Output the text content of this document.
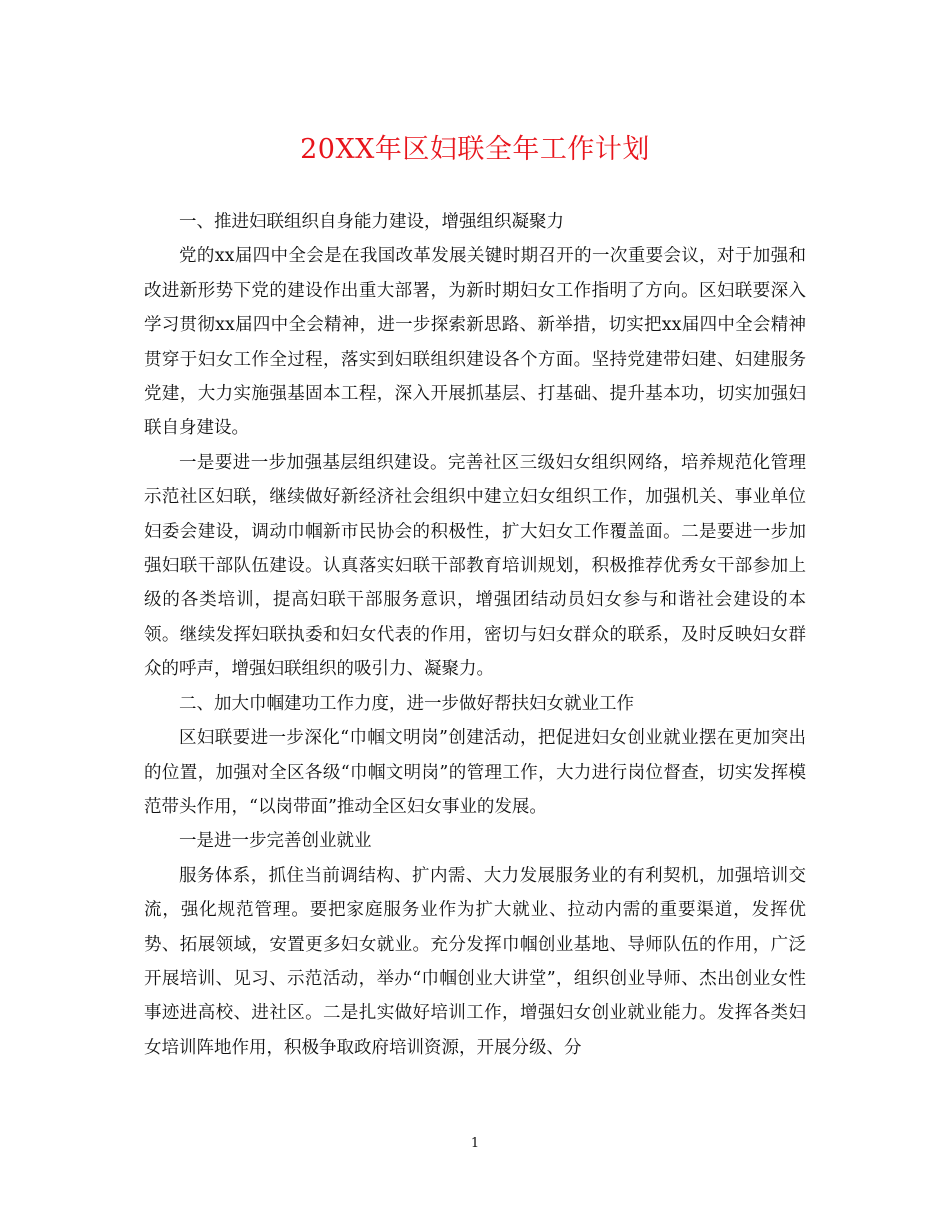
20XX年区妇联全年工作计划

一、推进妇联组织自身能力建设，增强组织凝聚力

党的xx届四中全会是在我国改革发展关键时期召开的一次重要会议，对于加强和改进新形势下党的建设作出重大部署，为新时期妇女工作指明了方向。区妇联要深入学习贯彻xx届四中全会精神，进一步探索新思路、新举措，切实把xx届四中全会精神贯穿于妇女工作全过程，落实到妇联组织建设各个方面。坚持党建带妇建、妇建服务党建，大力实施强基固本工程，深入开展抓基层、打基础、提升基本功，切实加强妇联自身建设。

一是要进一步加强基层组织建设。完善社区三级妇女组织网络，培养规范化管理示范社区妇联，继续做好新经济社会组织中建立妇女组织工作，加强机关、事业单位妇委会建设，调动巾帼新市民协会的积极性，扩大妇女工作覆盖面。二是要进一步加强妇联干部队伍建设。认真落实妇联干部教育培训规划，积极推荐优秀女干部参加上级的各类培训，提高妇联干部服务意识，增强团结动员妇女参与和谐社会建设的本领。继续发挥妇联执委和妇女代表的作用，密切与妇女群众的联系，及时反映妇女群众的呼声，增强妇联组织的吸引力、凝聚力。

二、加大巾帼建功工作力度，进一步做好帮扶妇女就业工作

区妇联要进一步深化“巾帼文明岗”创建活动，把促进妇女创业就业摆在更加突出的位置，加强对全区各级“巾帼文明岗”的管理工作，大力进行岗位督查，切实发挥模范带头作用，“以岗带面”推动全区妇女事业的发展。

一是进一步完善创业就业

服务体系，抓住当前调结构、扩内需、大力发展服务业的有利契机，加强培训交流，强化规范管理。要把家庭服务业作为扩大就业、拉动内需的重要渠道，发挥优势、拓展领域，安置更多妇女就业。充分发挥巾帼创业基地、导师队伍的作用，广泛开展培训、见习、示范活动，举办“巾帼创业大讲堂”，组织创业导师、杰出创业女性事迹进高校、进社区。二是扎实做好培训工作，增强妇女创业就业能力。发挥各类妇女培训阵地作用，积极争取政府培训资源，开展分级、分

1
